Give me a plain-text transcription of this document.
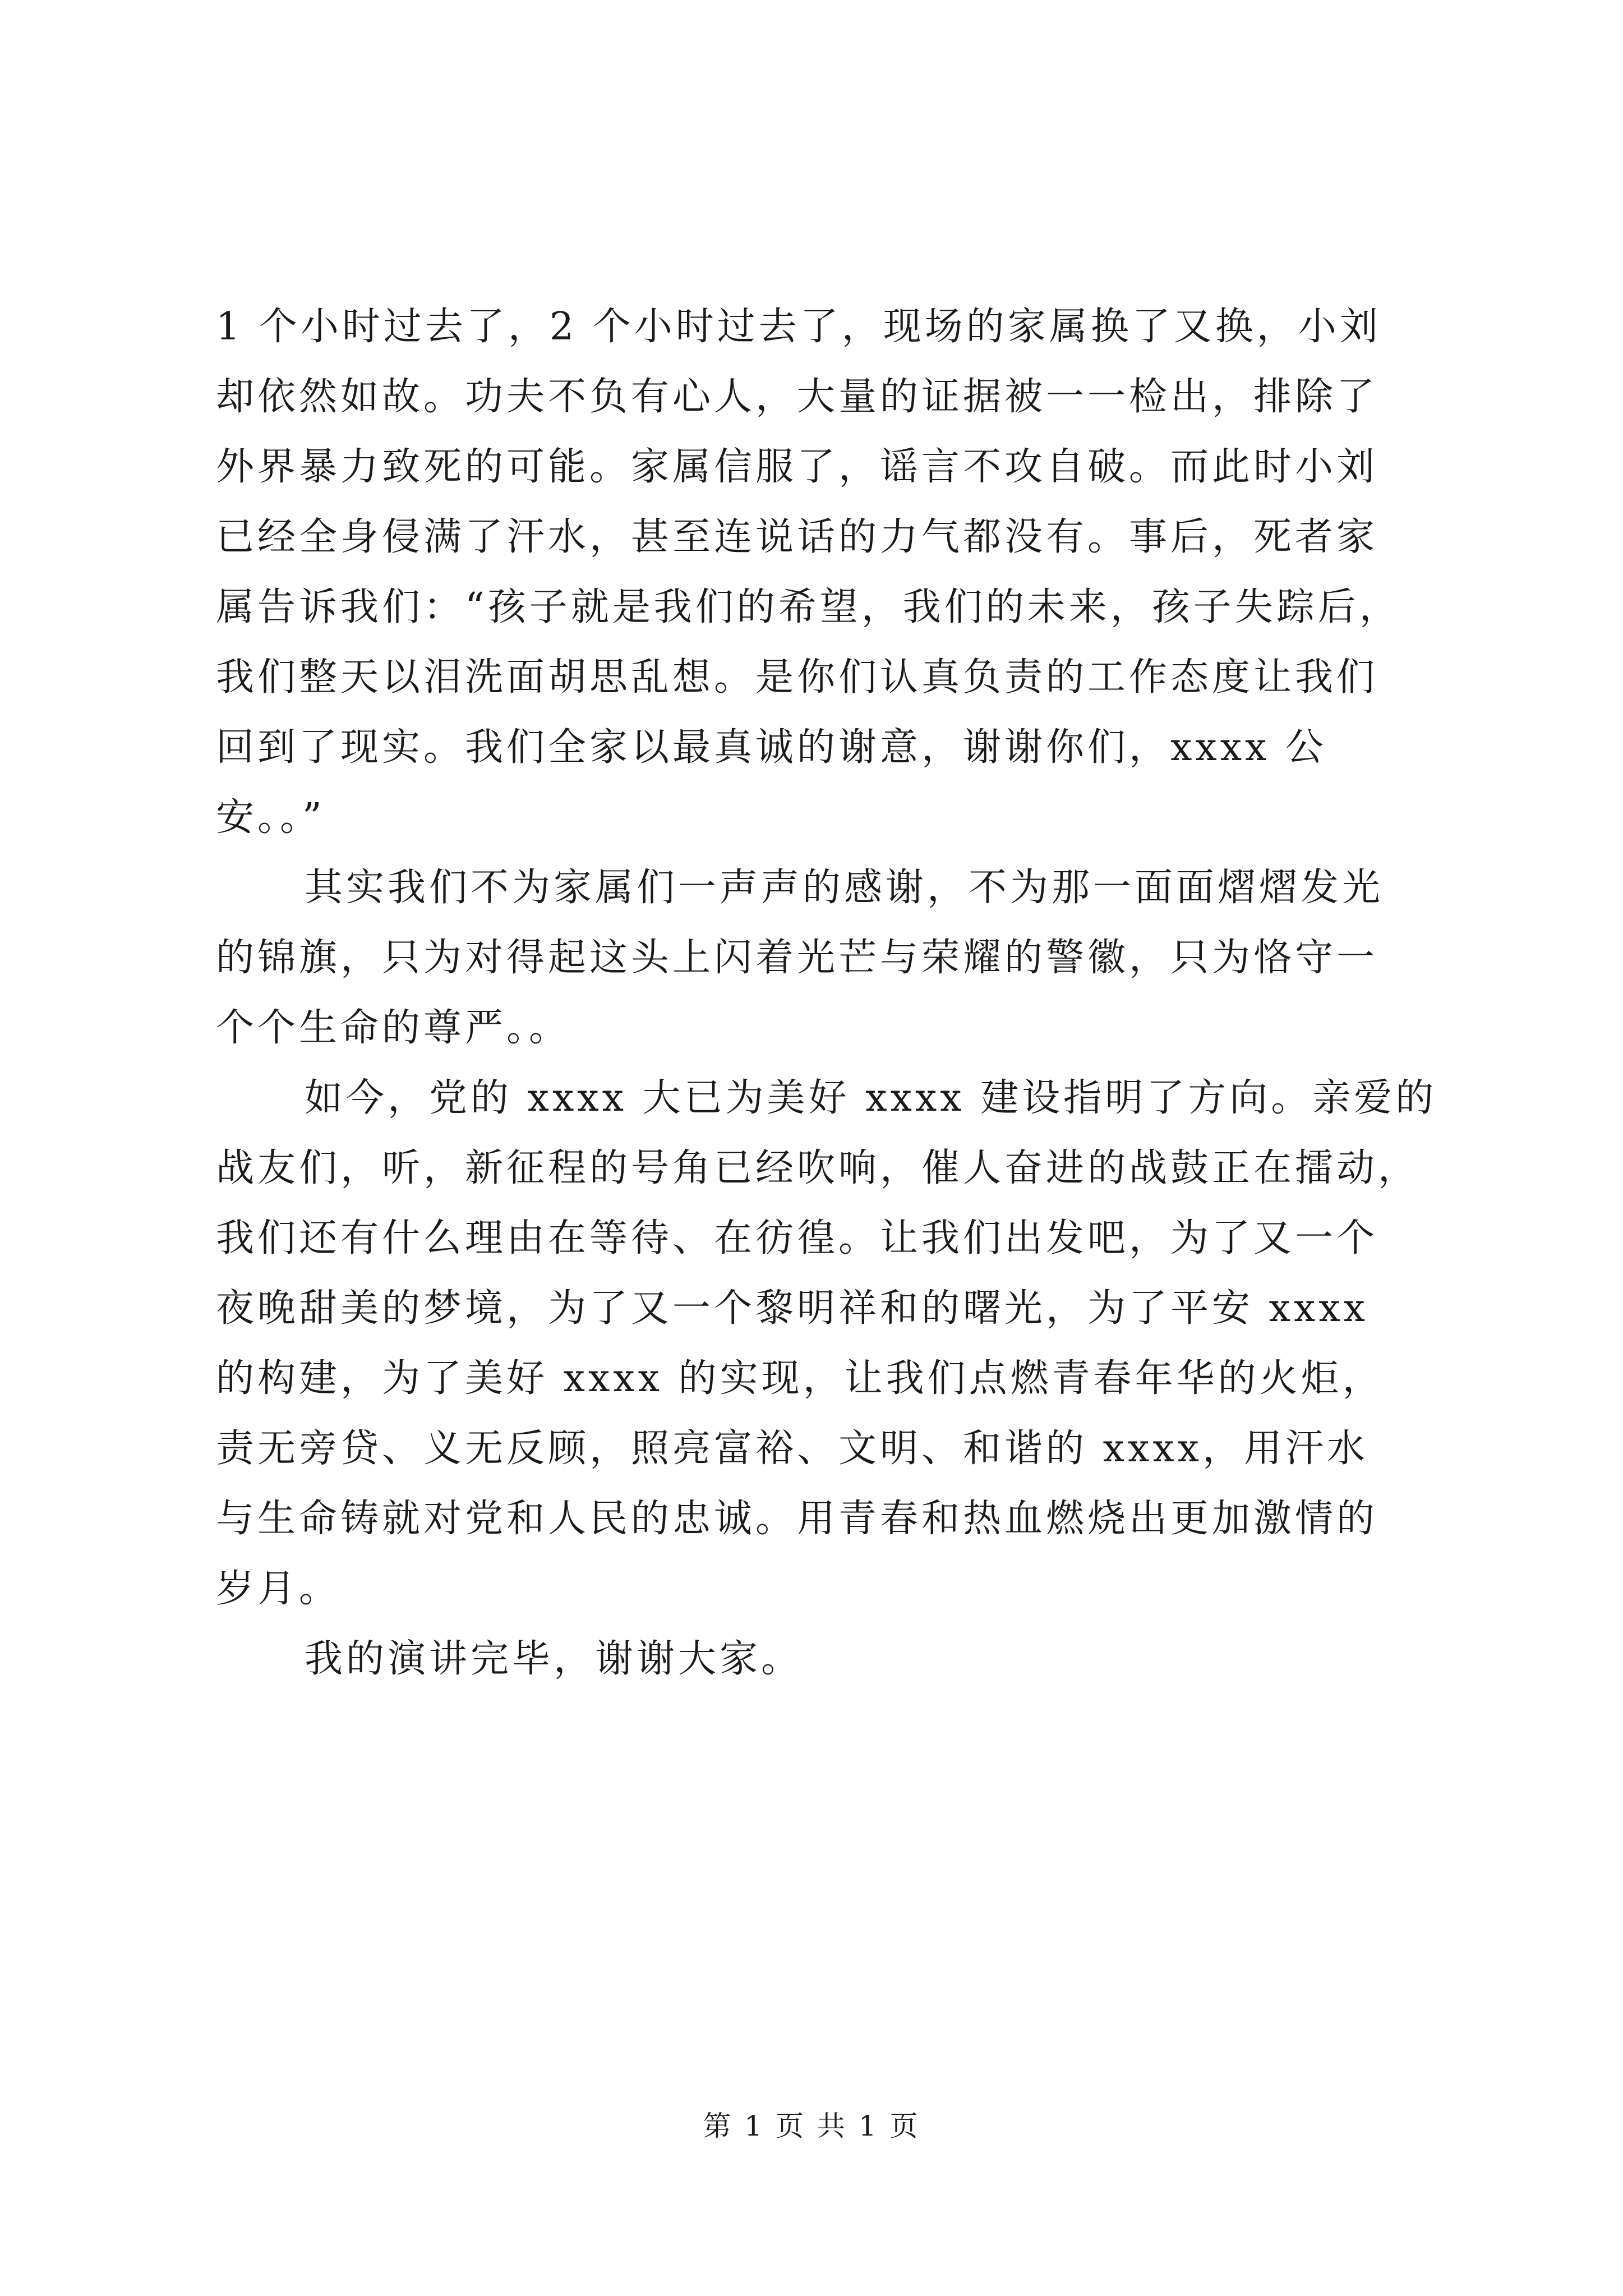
1 个小时过去了，2 个小时过去了，现场的家属换了又换，小刘
却依然如故。功夫不负有心人，大量的证据被一一检出，排除了
外界暴力致死的可能。家属信服了，谣言不攻自破。而此时小刘
已经全身侵满了汗水，甚至连说话的力气都没有。事后，死者家
属告诉我们：“孩子就是我们的希望，我们的未来，孩子失踪后，
我们整天以泪洗面胡思乱想。是你们认真负责的工作态度让我们
回到了现实。我们全家以最真诚的谢意，谢谢你们，xxxx 公
安。。”
其实我们不为家属们一声声的感谢，不为那一面面熠熠发光
的锦旗，只为对得起这头上闪着光芒与荣耀的警徽，只为恪守一
个个生命的尊严。。
如今，党的 xxxx 大已为美好 xxxx 建设指明了方向。亲爱的
战友们，听，新征程的号角已经吹响，催人奋进的战鼓正在擂动，
我们还有什么理由在等待、在彷徨。让我们出发吧，为了又一个
夜晚甜美的梦境，为了又一个黎明祥和的曙光，为了平安 xxxx
的构建，为了美好 xxxx 的实现，让我们点燃青春年华的火炬，
责无旁贷、义无反顾，照亮富裕、文明、和谐的 xxxx，用汗水
与生命铸就对党和人民的忠诚。用青春和热血燃烧出更加激情的
岁月。
我的演讲完毕，谢谢大家。
第 1 页 共 1 页
